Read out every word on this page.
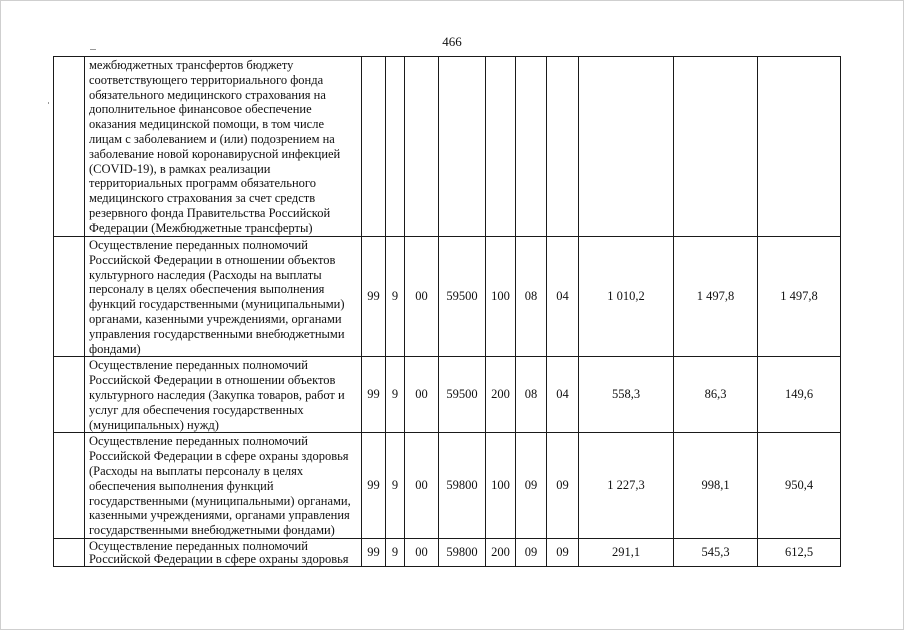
466
	межбюджетных трансфертов бюджету соответствующего территориального фонда обязательного медицинского страхования на дополнительное финансовое обеспечение оказания медицинской помощи, в том числе лицам с заболеванием и (или) подозрением на заболевание новой коронавирусной инфекцией (COVID-19), в рамках реализации территориальных программ обязательного медицинского страхования за счет средств резервного фонда Правительства Российской Федерации (Межбюджетные трансферты)										
	Осуществление переданных полномочий Российской Федерации в отношении объектов культурного наследия (Расходы на выплаты персоналу в целях обеспечения выполнения функций государственными (муниципальными) органами, казенными учреждениями, органами управления государственными внебюджетными фондами)	99	9	00	59500	100	08	04	1 010,2	1 497,8	1 497,8
	Осуществление переданных полномочий Российской Федерации в отношении объектов культурного наследия (Закупка товаров, работ и услуг для обеспечения государственных (муниципальных) нужд)	99	9	00	59500	200	08	04	558,3	86,3	149,6
	Осуществление переданных полномочий Российской Федерации в сфере охраны здоровья (Расходы на выплаты персоналу в целях обеспечения выполнения функций государственными (муниципальными) органами, казенными учреждениями, органами управления государственными внебюджетными фондами)	99	9	00	59800	100	09	09	1 227,3	998,1	950,4
	Осуществление переданных полномочий Российской Федерации в сфере охраны здоровья	99	9	00	59800	200	09	09	291,1	545,3	612,5
